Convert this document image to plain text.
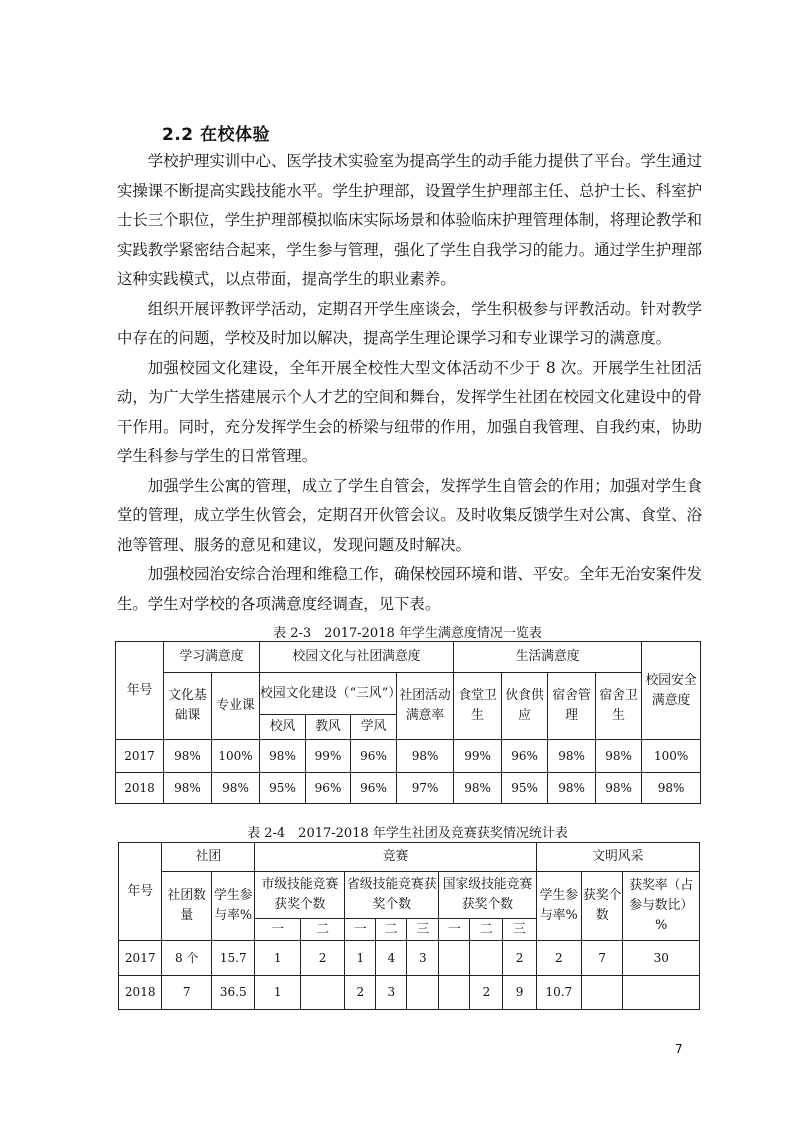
2.2 在校体验

学校护理实训中心、医学技术实验室为提高学生的动手能力提供了平台。学生通过实操课不断提高实践技能水平。学生护理部，设置学生护理部主任、总护士长、科室护士长三个职位，学生护理部模拟临床实际场景和体验临床护理管理体制，将理论教学和实践教学紧密结合起来，学生参与管理，强化了学生自我学习的能力。通过学生护理部这种实践模式，以点带面，提高学生的职业素养。

组织开展评教评学活动，定期召开学生座谈会，学生积极参与评教活动。针对教学中存在的问题，学校及时加以解决，提高学生理论课学习和专业课学习的满意度。

加强校园文化建设，全年开展全校性大型文体活动不少于 8 次。开展学生社团活动，为广大学生搭建展示个人才艺的空间和舞台，发挥学生社团在校园文化建设中的骨干作用。同时，充分发挥学生会的桥梁与纽带的作用，加强自我管理、自我约束，协助学生科参与学生的日常管理。

加强学生公寓的管理，成立了学生自管会，发挥学生自管会的作用；加强对学生食堂的管理，成立学生伙管会，定期召开伙管会议。及时收集反馈学生对公寓、食堂、浴池等管理、服务的意见和建议，发现问题及时解决。

加强校园治安综合治理和维稳工作，确保校园环境和谐、平安。全年无治安案件发生。学生对学校的各项满意度经调查，见下表。

表 2-3　2017-2018 年学生满意度情况一览表
年号	学习满意度		校园文化与社团满意度				生活满意度				校园安全满意度
	文化基础课	专业课	校园文化建设（“三风”）			社团活动满意率	食堂卫生	伙食供应	宿舍管理	宿舍卫生	
			校风	教风	学风						
2017	98%	100%	98%	99%	96%	98%	99%	96%	98%	98%	100%
2018	98%	98%	95%	96%	96%	97%	98%	95%	98%	98%	98%
表 2-4　2017-2018 年学生社团及竞赛获奖情况统计表
年号	社团		竞赛								文明风采		
	社团数量	学生参与率%	市级技能竞赛获奖个数		省级技能竞赛获奖个数			国家级技能竞赛获奖个数			学生参与率%	获奖个数	获奖率（占参与数比）%
			一	二	一	二	三	一	二	三			
2017	8 个	15.7	1	2	1	4	3			2	2	7	30
2018	7	36.5	1		2	3			2	9	10.7		
7
